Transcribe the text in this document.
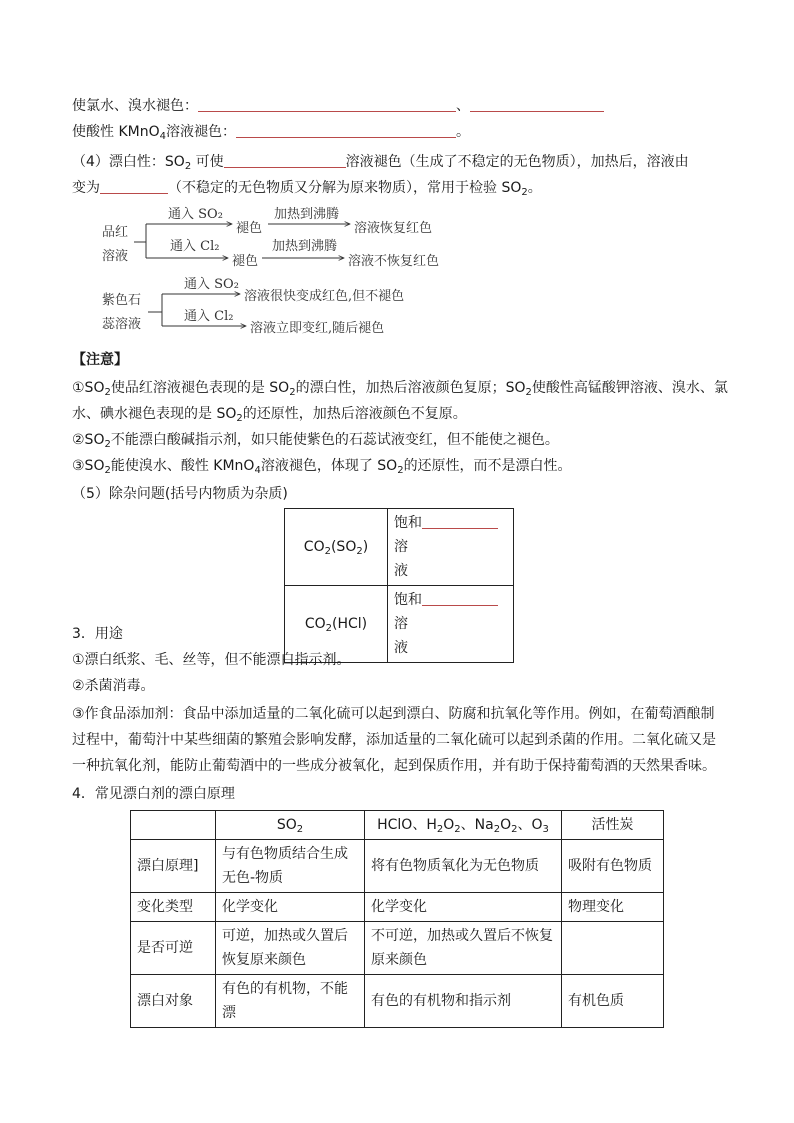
使氯水、溴水褪色：	、
使酸性 KMnO$_4$溶液褪色：	。
（4）漂白性：$SO_2$ 可使	溶液褪色（生成了不稳定的无色物质），加热后，溶液由
变为	（不稳定的无色物质又分解为原来物质），常用于检验 $SO_2$。
品红
溶液
通入 SO₂
褪色
加热到沸腾
溶液恢复红色
通入 Cl₂
褪色
加热到沸腾
溶液不恢复红色
紫色石
蕊溶液
通入 SO₂
溶液很快变成红色,但不褪色
通入 Cl₂
溶液立即变红,随后褪色
【注意】
$①SO_2$使品红溶液褪色表现的是 $SO_2$的漂白性，加热后溶液颜色复原；$SO_2$使酸性高锰酸钾溶液、溴水、氯
水、碘水褪色表现的是 $SO_2$的还原性，加热后溶液颜色不复原。
$②SO_2$不能漂白酸碱指示剂，如只能使紫色的石蕊试液变红，但不能使之褪色。
$③SO_2$能使溴水、酸性 KMnO$_4$溶液褪色，体现了 $SO_2$的还原性，而不是漂白性。
（5）除杂问题(括号内物质为杂质)
$CO_2(SO_2)$	饱和溶
液
$CO_2(HCl)$	饱和溶
液
3．用途
①漂白纸浆、毛、丝等，但不能漂白指示剂。
②杀菌消毒。
③作食品添加剂：食品中添加适量的二氧化硫可以起到漂白、防腐和抗氧化等作用。例如，在葡萄酒酿制
过程中，葡萄汁中某些细菌的繁殖会影响发酵，添加适量的二氧化硫可以起到杀菌的作用。二氧化硫又是
一种抗氧化剂，能防止葡萄酒中的一些成分被氧化，起到保质作用，并有助于保持葡萄酒的天然果香味。
4．常见漂白剂的漂白原理
	$SO_2$	HClO、$H_2O_2$、$Na_2O_2$、$O_3$	活性炭
漂白原理]	与有色物质结合生成无色-物质	将有色物质氧化为无色物质	吸附有色物质
变化类型	化学变化	化学变化	物理变化
是否可逆	可逆，加热或久置后恢复原来颜色	不可逆，加热或久置后不恢复原来颜色	
漂白对象	有色的有机物，不能漂	有色的有机物和指示剂	有机色质
